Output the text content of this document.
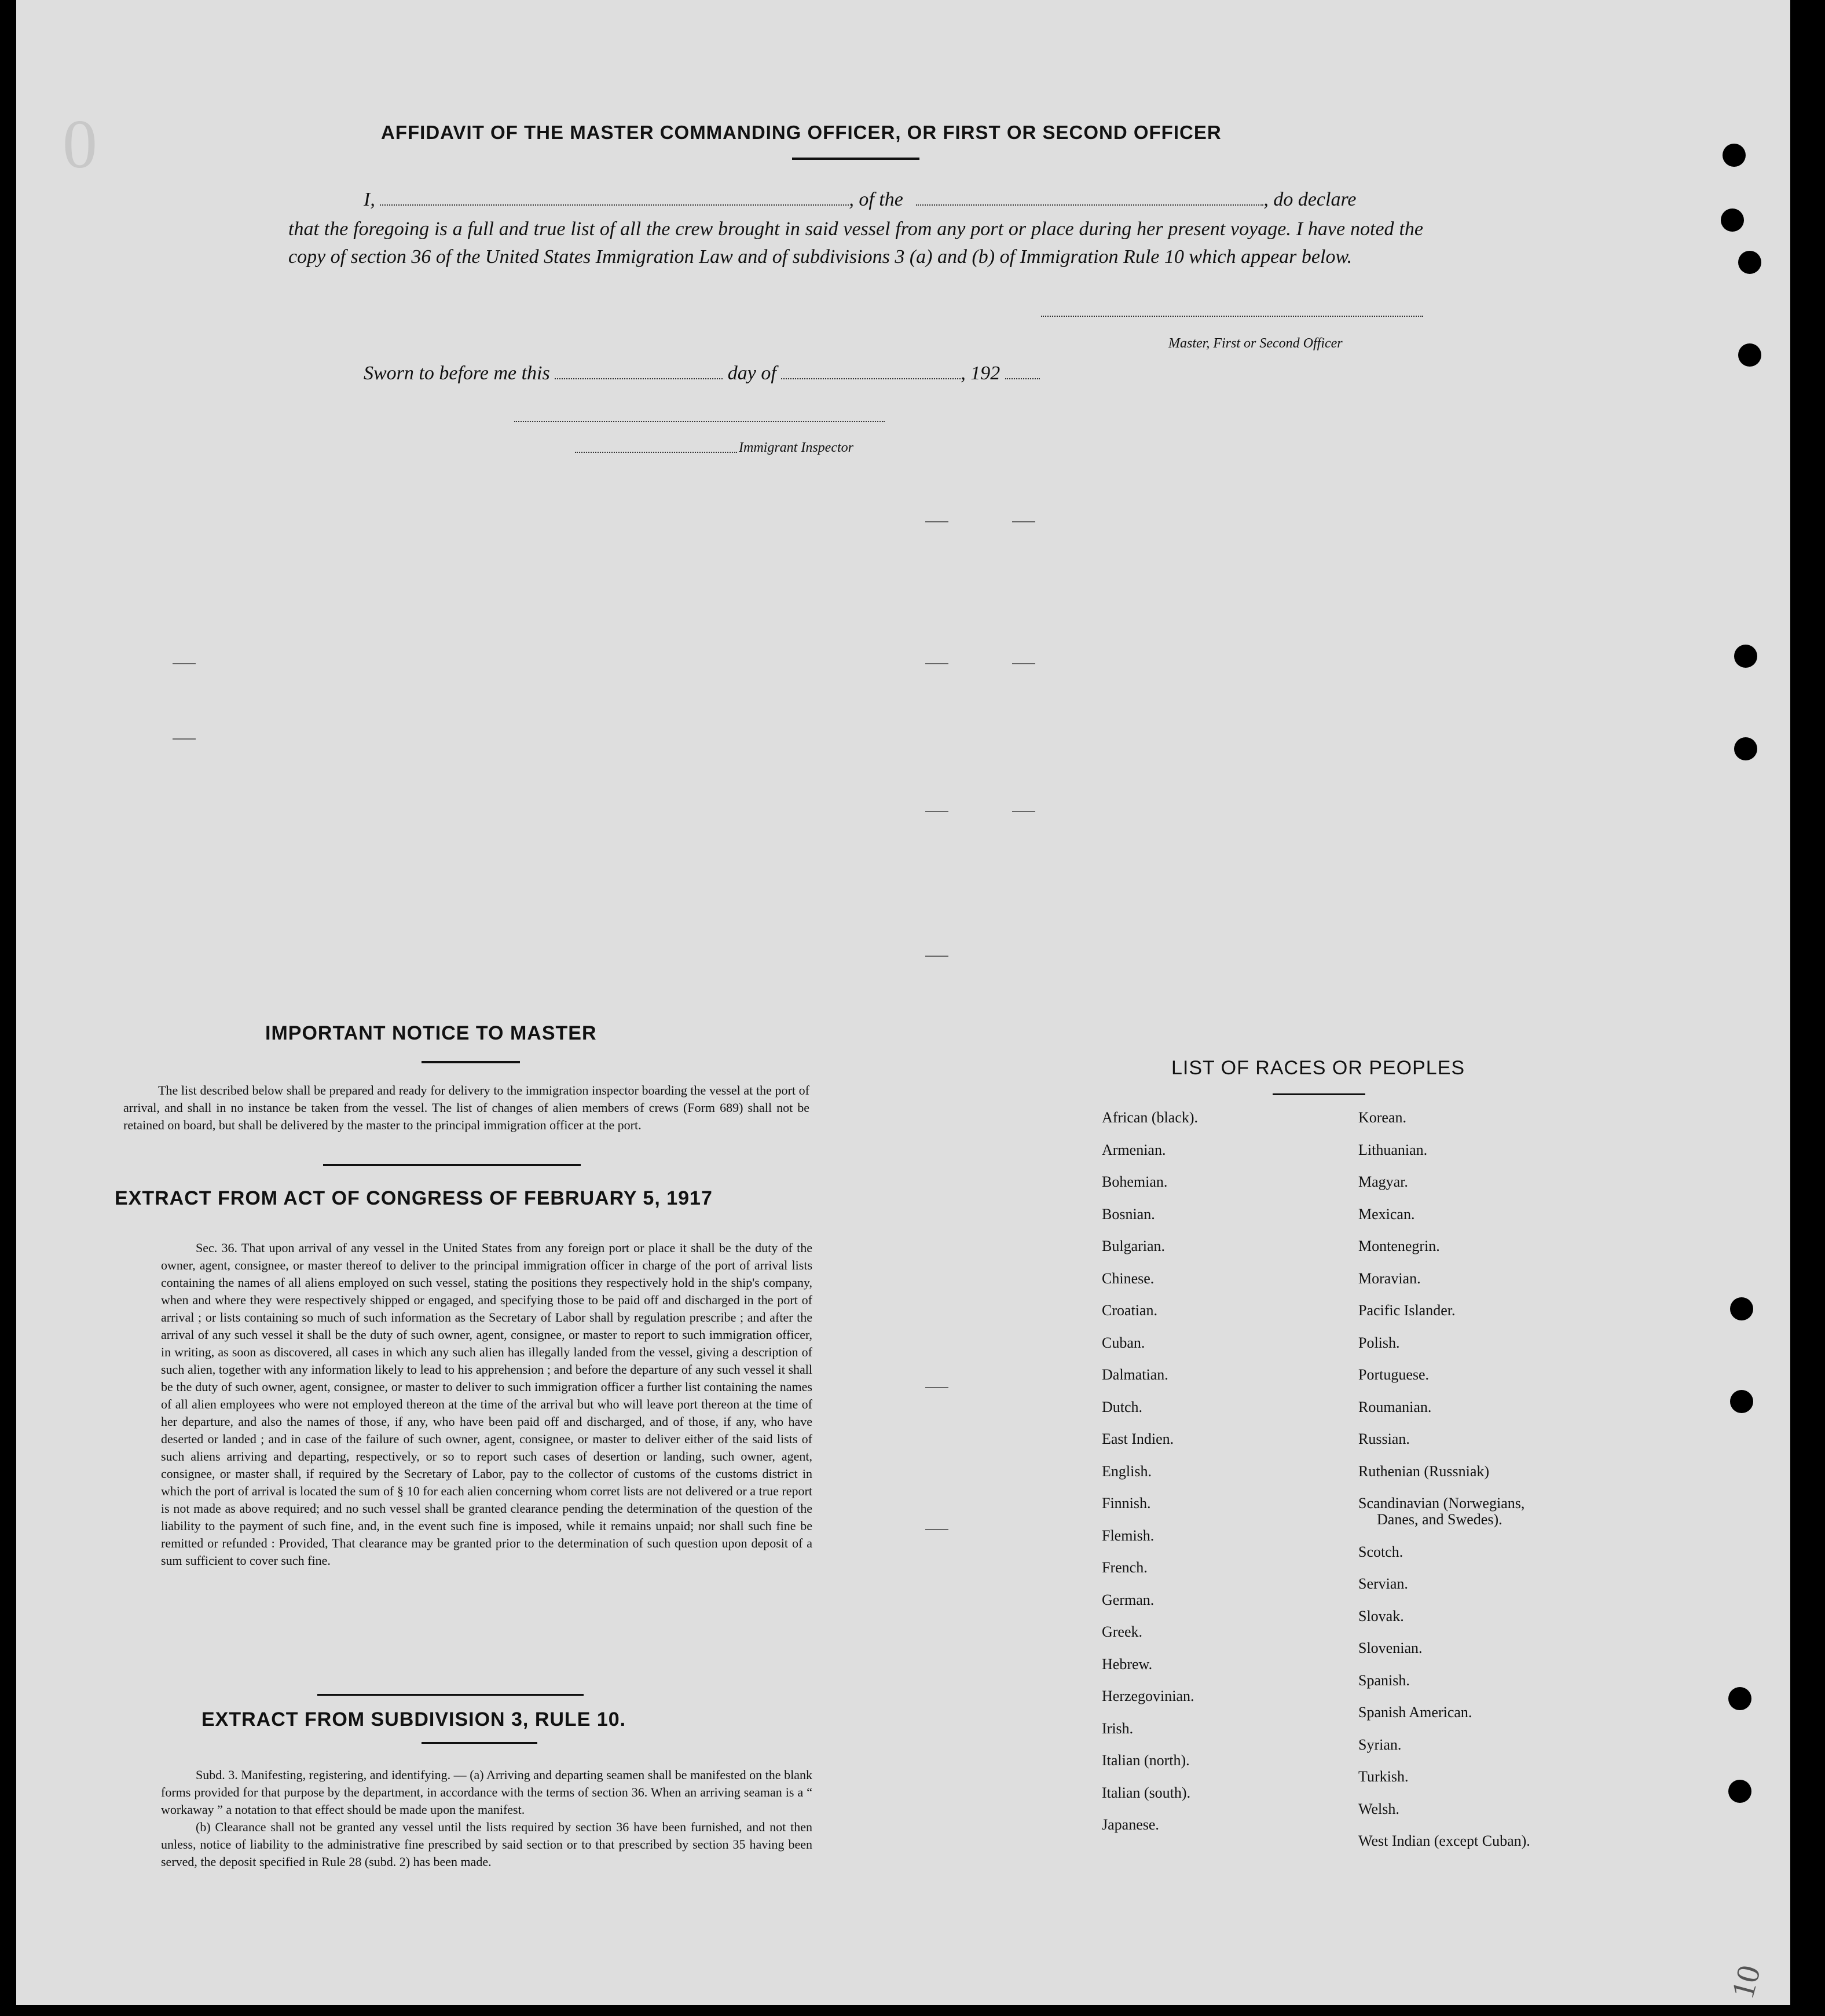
0
10
AFFIDAVIT OF THE MASTER COMMANDING OFFICER, OR FIRST OR SECOND OFFICER
I,	, of the	, do declare
that the foregoing is a full and true list of all the crew brought in said vessel from any port or place during her present voyage. I have noted the copy of section 36 of the United States Immigration Law and of subdivisions 3 (a) and (b) of Immigration Rule 10 which appear below.
Master, First or Second Officer
Sworn to before me this	day of	, 192
Immigrant Inspector
IMPORTANT NOTICE TO MASTER

The list described below shall be prepared and ready for delivery to the immigration inspector boarding the vessel at the port of arrival, and shall in no instance be taken from the vessel. The list of changes of alien members of crews (Form 689) shall not be retained on board, but shall be delivered by the master to the principal immigration officer at the port.

EXTRACT FROM ACT OF CONGRESS OF FEBRUARY 5, 1917

Sec. 36. That upon arrival of any vessel in the United States from any foreign port or place it shall be the duty of the owner, agent, consignee, or master thereof to deliver to the principal immigration officer in charge of the port of arrival lists containing the names of all aliens employed on such vessel, stating the positions they respectively hold in the ship's company, when and where they were respectively shipped or engaged, and specifying those to be paid off and discharged in the port of arrival ; or lists containing so much of such information as the Secretary of Labor shall by regulation prescribe ; and after the arrival of any such vessel it shall be the duty of such owner, agent, consignee, or master to report to such immigration officer, in writing, as soon as discovered, all cases in which any such alien has illegally landed from the vessel, giving a description of such alien, together with any information likely to lead to his apprehension ; and before the departure of any such vessel it shall be the duty of such owner, agent, consignee, or master to deliver to such immigration officer a further list containing the names of all alien employees who were not employed thereon at the time of the arrival but who will leave port thereon at the time of her departure, and also the names of those, if any, who have been paid off and discharged, and of those, if any, who have deserted or landed ; and in case of the failure of such owner, agent, consignee, or master to deliver either of the said lists of such aliens arriving and departing, respectively, or so to report such cases of desertion or landing, such owner, agent, consignee, or master shall, if required by the Secretary of Labor, pay to the collector of customs of the customs district in which the port of arrival is located the sum of § 10 for each alien concerning whom corret lists are not delivered or a true report is not made as above required; and no such vessel shall be granted clearance pending the determination of the question of the liability to the payment of such fine, and, in the event such fine is imposed, while it remains unpaid; nor shall such fine be remitted or refunded : Provided, That clearance may be granted prior to the determination of such question upon deposit of a sum sufficient to cover such fine.

EXTRACT FROM SUBDIVISION 3, RULE 10.

Subd. 3. Manifesting, registering, and identifying. — (a) Arriving and departing seamen shall be manifested on the blank forms provided for that purpose by the department, in accordance with the terms of section 36. When an arriving seaman is a “ workaway ” a notation to that effect should be made upon the manifest.

(b) Clearance shall not be granted any vessel until the lists required by section 36 have been furnished, and not then unless, notice of liability to the administrative fine prescribed by said section or to that prescribed by section 35 having been served, the deposit specified in Rule 28 (subd. 2) has been made.

LIST OF RACES OR PEOPLES
African (black).
Armenian.
Bohemian.
Bosnian.
Bulgarian.
Chinese.
Croatian.
Cuban.
Dalmatian.
Dutch.
East Indien.
English.
Finnish.
Flemish.
French.
German.
Greek.
Hebrew.
Herzegovinian.
Irish.
Italian (north).
Italian (south).
Japanese.
Korean.
Lithuanian.
Magyar.
Mexican.
Montenegrin.
Moravian.
Pacific Islander.
Polish.
Portuguese.
Roumanian.
Russian.
Ruthenian (Russniak)
Scandinavian (Norwegians,
Danes, and Swedes).
Scotch.
Servian.
Slovak.
Slovenian.
Spanish.
Spanish American.
Syrian.
Turkish.
Welsh.
West Indian (except Cuban).
